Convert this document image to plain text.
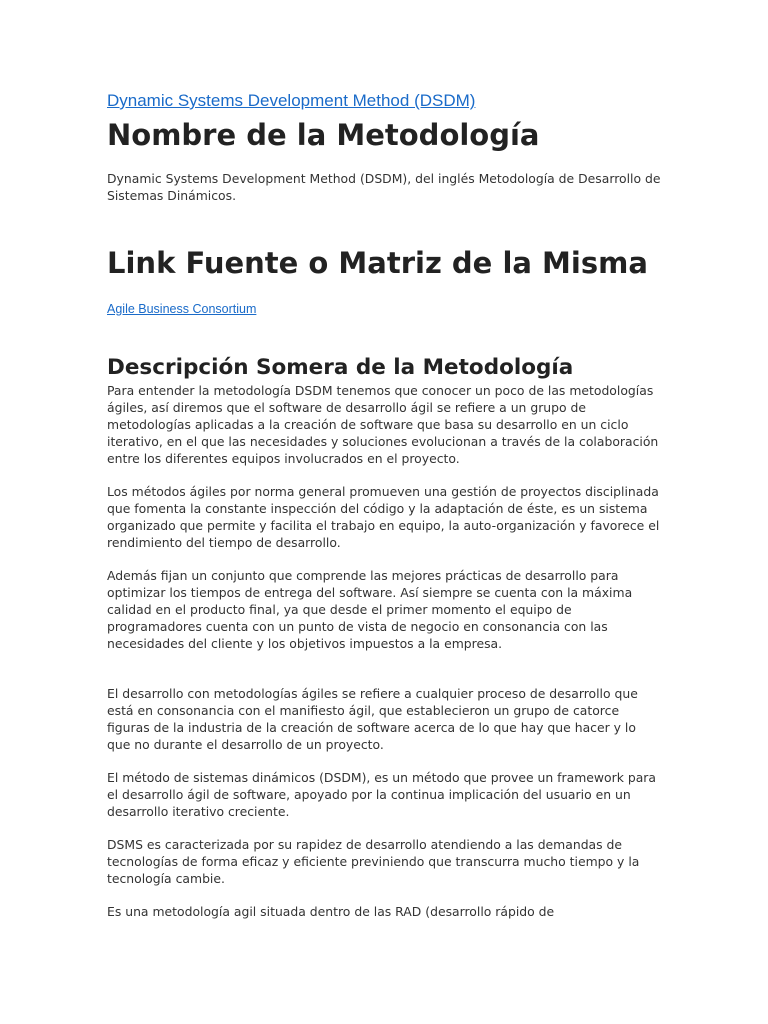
Dynamic Systems Development Method (DSDM)
Nombre de la Metodología

Dynamic Systems Development Method (DSDM), del inglés Metodología de Desarrollo de Sistemas Dinámicos.

Link Fuente o Matriz de la Misma
Agile Business Consortium
Descripción Somera de la Metodología

Para entender la metodología DSDM tenemos que conocer un poco de las metodologías ágiles, así diremos que el software de desarrollo ágil se refiere a un grupo de metodologías aplicadas a la creación de software que basa su desarrollo en un ciclo iterativo, en el que las necesidades y soluciones evolucionan a través de la colaboración entre los diferentes equipos involucrados en el proyecto.

Los métodos ágiles por norma general promueven una gestión de proyectos disciplinada que fomenta la constante inspección del código y la adaptación de éste, es un sistema organizado que permite y facilita el trabajo en equipo, la auto-organización y favorece el rendimiento del tiempo de desarrollo.

Además fijan un conjunto que comprende las mejores prácticas de desarrollo para optimizar los tiempos de entrega del software. Así siempre se cuenta con la máxima calidad en el producto final, ya que desde el primer momento el equipo de programadores cuenta con un punto de vista de negocio en consonancia con las necesidades del cliente y los objetivos impuestos a la empresa.

El desarrollo con metodologías ágiles se refiere a cualquier proceso de desarrollo que está en consonancia con el manifiesto ágil, que establecieron un grupo de catorce figuras de la industria de la creación de software acerca de lo que hay que hacer y lo que no durante el desarrollo de un proyecto.

El método de sistemas dinámicos (DSDM), es un método que provee un framework para el desarrollo ágil de software, apoyado por la continua implicación del usuario en un desarrollo iterativo creciente.

DSMS es caracterizada por su rapidez de desarrollo atendiendo a las demandas de tecnologías de forma eficaz y eficiente previniendo que transcurra mucho tiempo y la tecnología cambie.

Es una metodología agil situada dentro de las RAD (desarrollo rápido de
